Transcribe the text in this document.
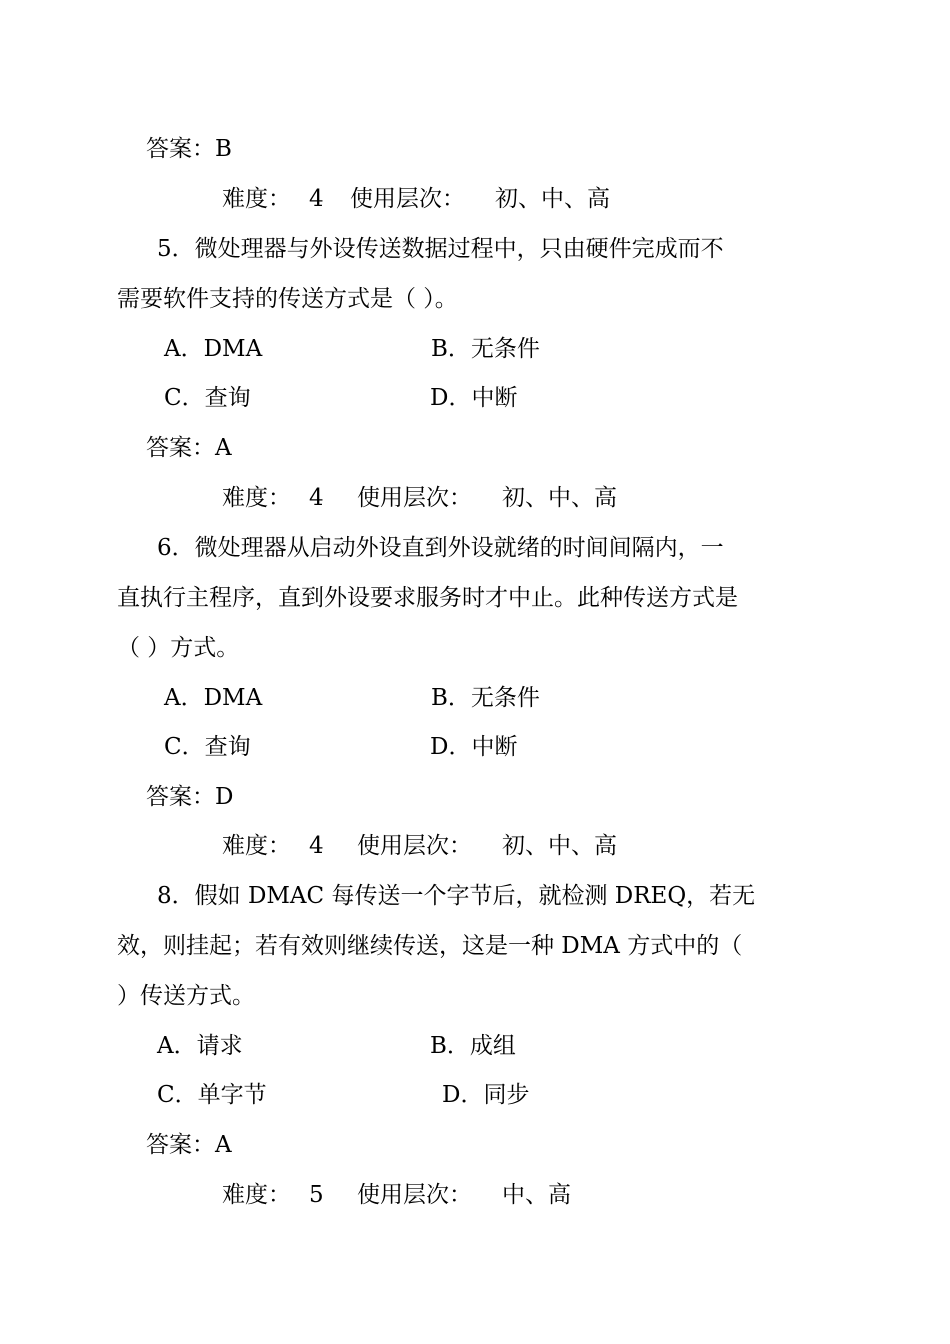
答案：B
难度： 4 使用层次： 初、中、高
5．微处理器与外设传送数据过程中，只由硬件完成而不
需要软件支持的传送方式是（ ）。
A．DMA	B．无条件
C．查询	D．中断
答案：A
难度： 4 使用层次： 初、中、高
6．微处理器从启动外设直到外设就绪的时间间隔内，一
直执行主程序，直到外设要求服务时才中止。此种传送方式是
（ ）方式。
A．DMA	B．无条件
C．查询	D．中断
答案：D
难度： 4 使用层次： 初、中、高
8．假如 DMAC 每传送一个字节后，就检测 DREQ，若无
效，则挂起；若有效则继续传送，这是一种 DMA 方式中的（
）传送方式。
A．请求	B．成组
C．单字节	D．同步
答案：A
难度： 5 使用层次： 中、高
